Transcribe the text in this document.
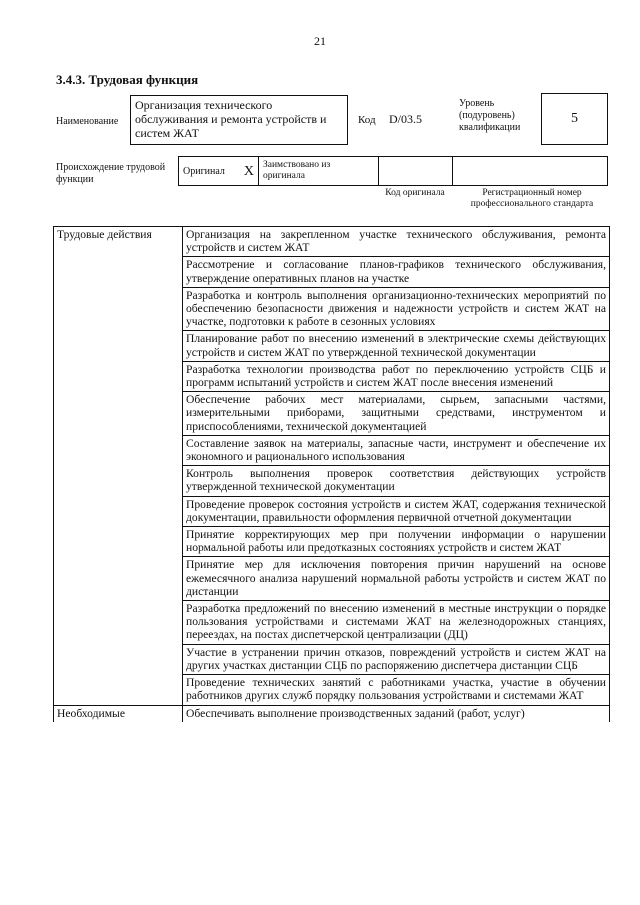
21
3.4.3. Трудовая функция
Наименование
Организация технического обслуживания и ремонта устройств и систем ЖАТ
Код D/03.5
Уровень (подуровень) квалификации
5
Происхождение трудовой функции
Оригинал X Заимствовано из оригинала
Код оригинала	Регистрационный номер профессионального стандарта
Трудовые действия	Организация на закрепленном участке технического обслуживания, ремонта устройств и систем ЖАТ
	Рассмотрение и согласование планов-графиков технического обслуживания, утверждение оперативных планов на участке
	Разработка и контроль выполнения организационно-технических мероприятий по обеспечению безопасности движения и надежности устройств и систем ЖАТ на участке, подготовки к работе в сезонных условиях
	Планирование работ по внесению изменений в электрические схемы действующих устройств и систем ЖАТ по утвержденной технической документации
	Разработка технологии производства работ по переключению устройств СЦБ и программ испытаний устройств и систем ЖАТ после внесения изменений
	Обеспечение рабочих мест материалами, сырьем, запасными частями, измерительными приборами, защитными средствами, инструментом и приспособлениями, технической документацией
	Составление заявок на материалы, запасные части, инструмент и обеспечение их экономного и рационального использования
	Контроль выполнения проверок соответствия действующих устройств утвержденной технической документации
	Проведение проверок состояния устройств и систем ЖАТ, содержания технической документации, правильности оформления первичной отчетной документации
	Принятие корректирующих мер при получении информации о нарушении нормальной работы или предотказных состояниях устройств и систем ЖАТ
	Принятие мер для исключения повторения причин нарушений на основе ежемесячного анализа нарушений нормальной работы устройств и систем ЖАТ по дистанции
	Разработка предложений по внесению изменений в местные инструкции о порядке пользования устройствами и системами ЖАТ на железнодорожных станциях, переездах, на постах диспетчерской централизации (ДЦ)
	Участие в устранении причин отказов, повреждений устройств и систем ЖАТ на других участках дистанции СЦБ по распоряжению диспетчера дистанции СЦБ
	Проведение технических занятий с работниками участка, участие в обучении работников других служб порядку пользования устройствами и системами ЖАТ
Необходимые	Обеспечивать выполнение производственных заданий (работ, услуг)
